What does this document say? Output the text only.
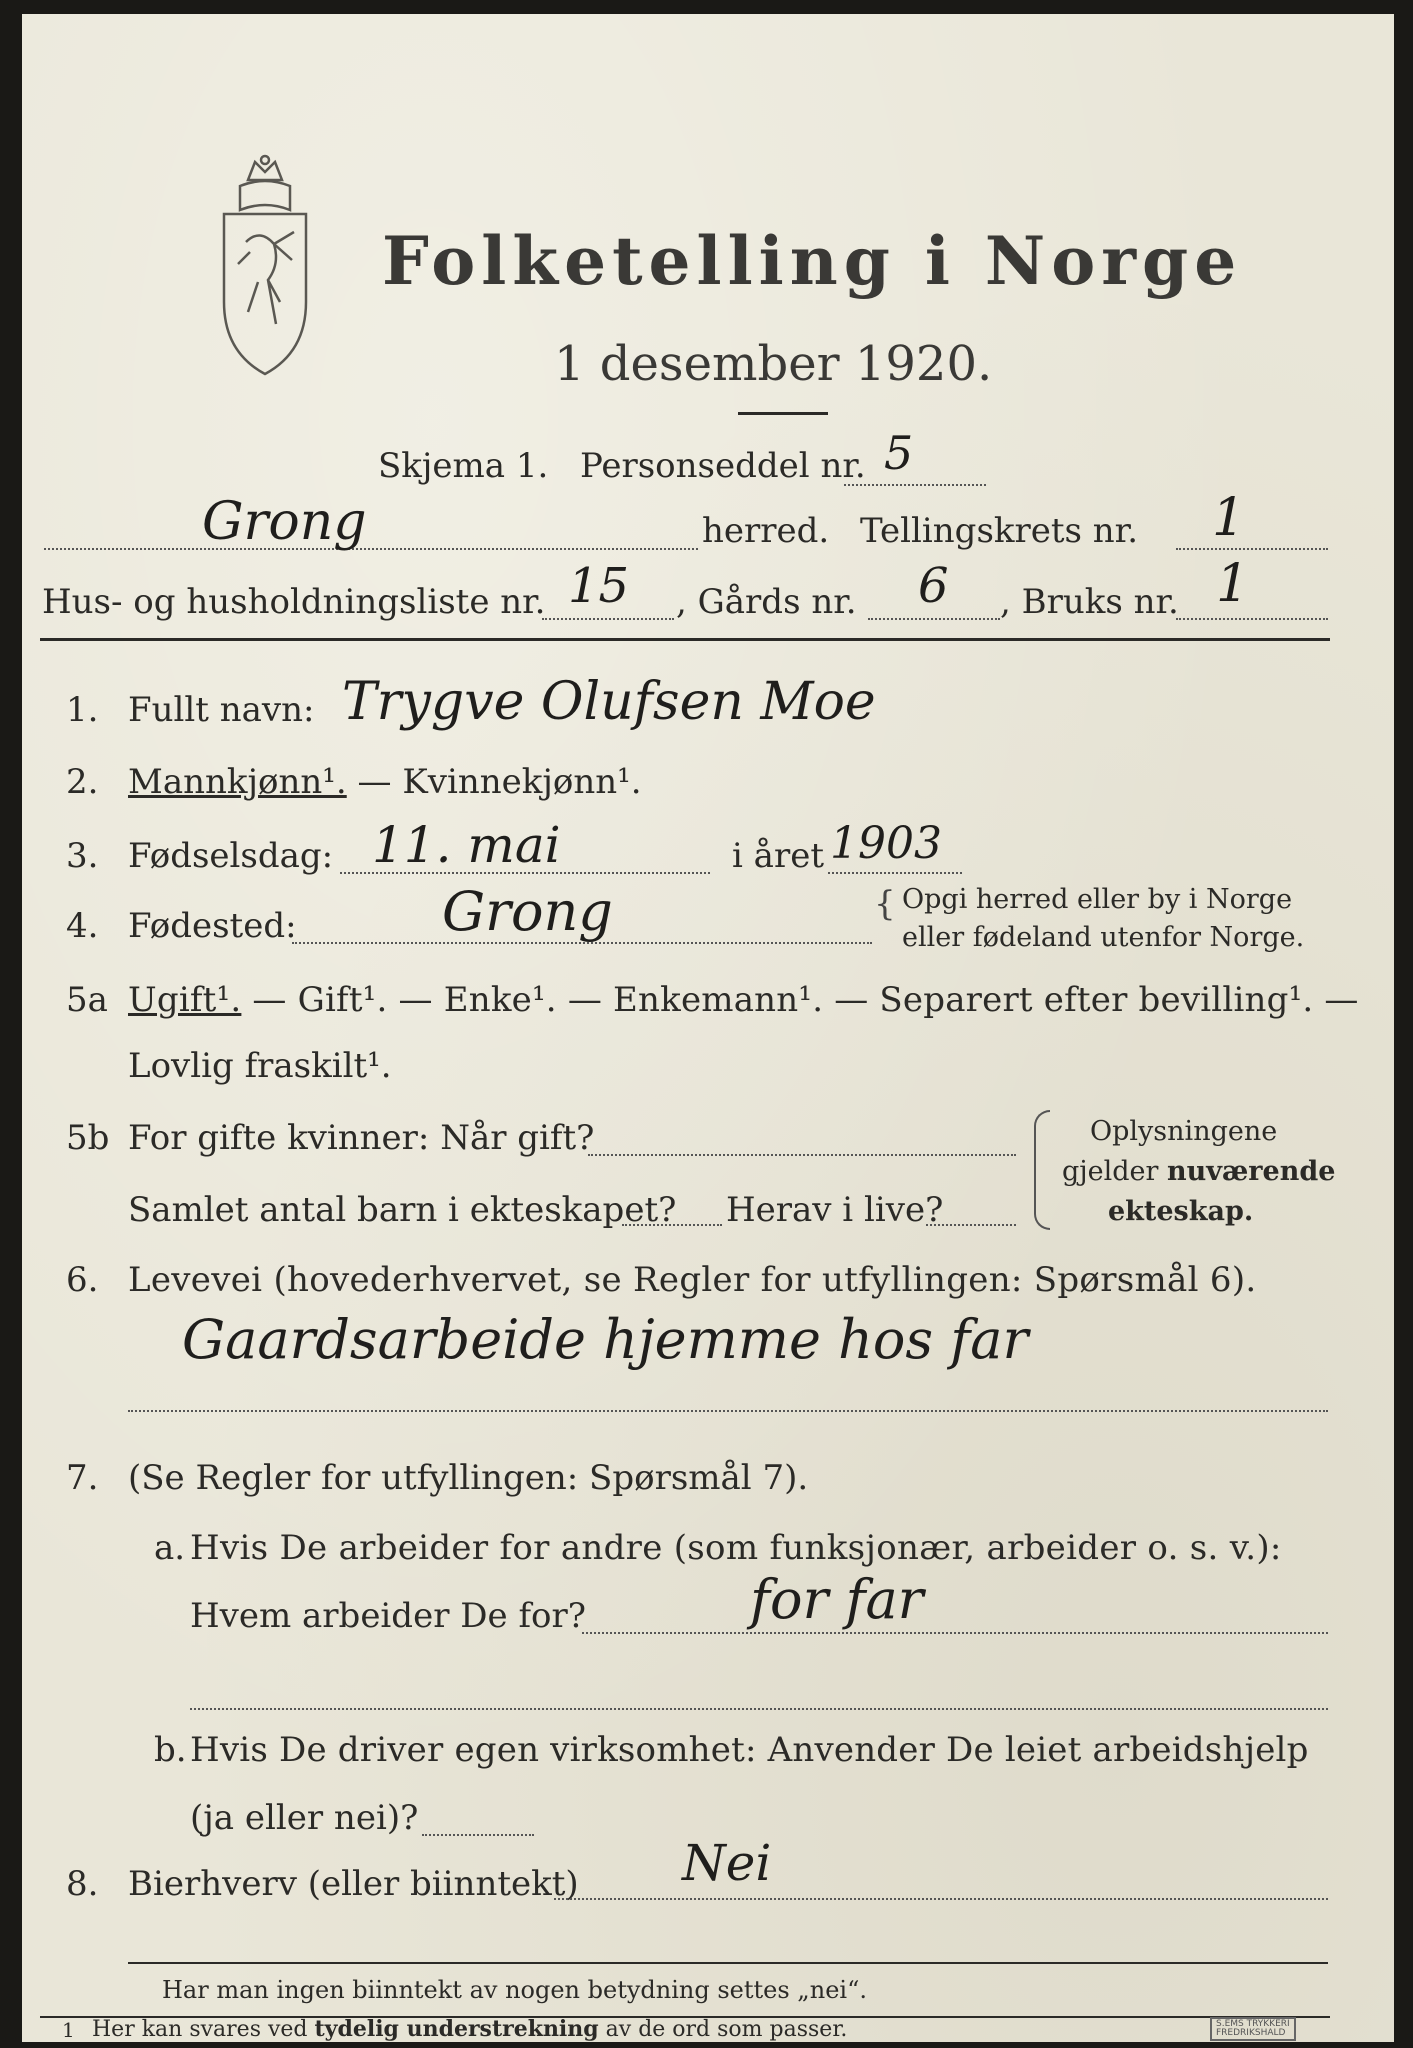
Folketelling i Norge
1 desember 1920.
Skjema 1. Personseddel nr. 5
Grong	herred. Tellingskrets nr. 1
Hus- og husholdningsliste nr. 15 , Gårds nr. 6 , Bruks nr. 1
1. Fullt navn: Trygve Olufsen Moe
2. Mannkjønn¹. — Kvinnekjønn¹.
3. Fødselsdag: 11. mai	i året 1903
4. Fødested:	Grong	{ Opgi herred eller by i Norge
eller fødeland utenfor Norge.
5a Ugift¹. — Gift¹. — Enke¹. — Enkemann¹. — Separert efter bevilling¹. —
Lovlig fraskilt¹.
5b For gifte kvinner: Når gift?
Samlet antal barn i ekteskapet? Herav i live?
Oplysningene
gjelder nuværende
ekteskap.
6. Levevei (hovederhvervet, se Regler for utfyllingen: Spørsmål 6).
Gaardsarbeide hjemme hos far
7. (Se Regler for utfyllingen: Spørsmål 7).
a. Hvis De arbeider for andre (som funksjonær, arbeider o. s. v.):
Hvem arbeider De for?	for far
b. Hvis De driver egen virksomhet: Anvender De leiet arbeidshjelp
(ja eller nei)?
8. Bierhverv (eller biinntekt) Nei
Har man ingen biinntekt av nogen betydning settes „nei“.
1 Her kan svares ved tydelig understrekning av de ord som passer.	S.EMS TRYKKERI
FREDRIKSHALD
